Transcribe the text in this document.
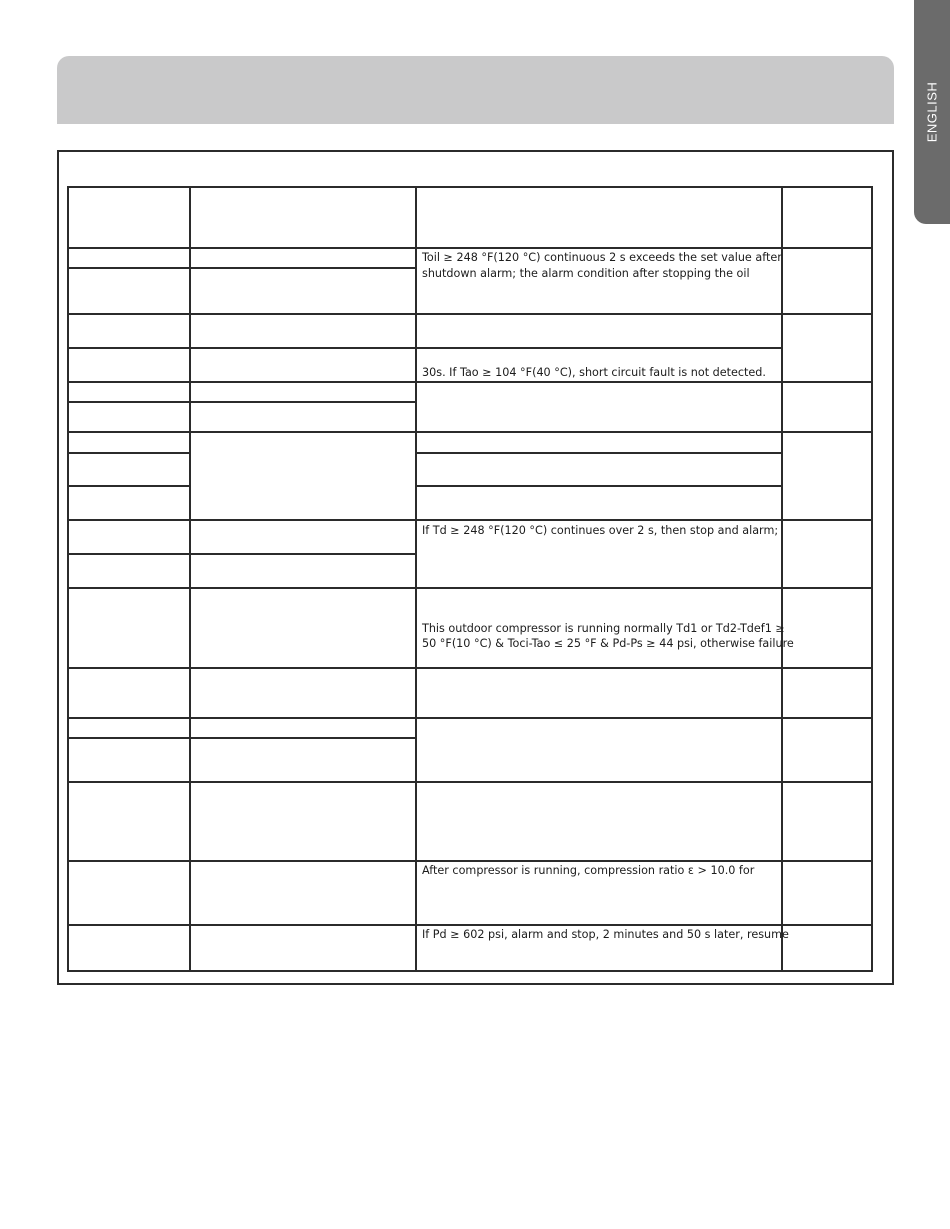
ENGLISH
Toil ≥ 248 °F(120 °C) continuous 2 s exceeds the set value after
shutdown alarm; the alarm condition after stopping the oil
30s. If Tao ≥ 104 °F(40 °C), short circuit fault is not detected.
If Td ≥ 248 °F(120 °C) continues over 2 s, then stop and alarm;
This outdoor compressor is running normally Td1 or Td2-Tdef1 ≥
50 °F(10 °C) & Toci-Tao ≤ 25 °F & Pd-Ps ≥ 44 psi, otherwise failure
After compressor is running, compression ratio ε > 10.0 for
If Pd ≥ 602 psi, alarm and stop, 2 minutes and 50 s later, resume
